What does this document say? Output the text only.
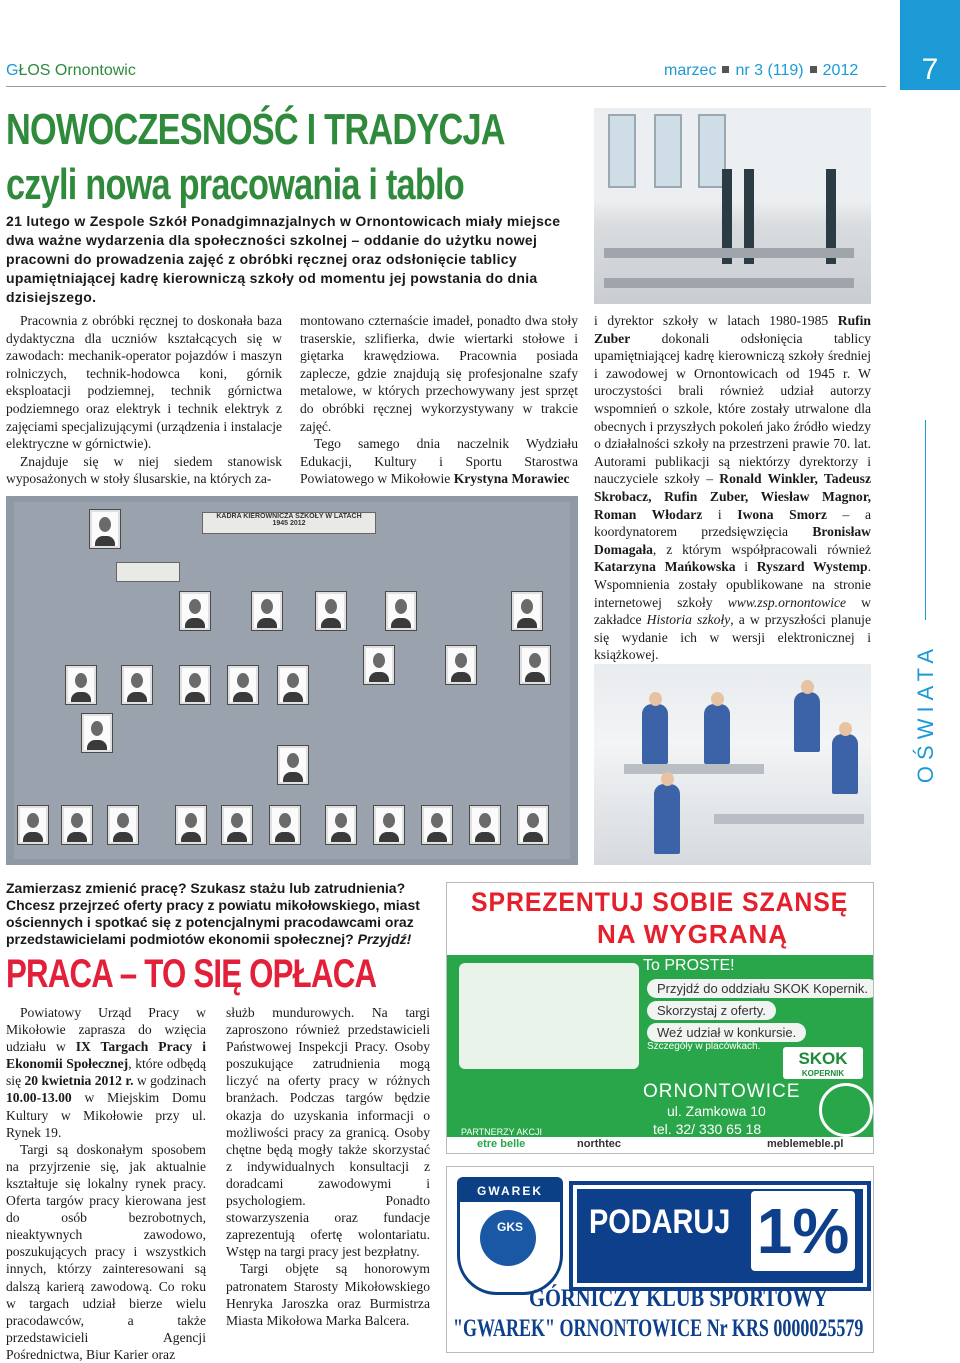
GŁOS Ornontowic	marzec nr 3 (119) 2012	7
NOWOCZESNOŚĆ I TRADYCJA
czyli nowa pracowania i tablo
21 lutego w Zespole Szkół Ponadgimnazjalnych w Ornontowicach miały miejsce dwa ważne wydarzenia dla społeczności szkolnej – oddanie do użytku nowej pracowni do prowadzenia zajęć z obróbki ręcznej oraz odsłonięcie tablicy upamiętniającej kadrę kierowniczą szkoły od momentu jej powstania do dnia dzisiejszego.

Pracownia z obróbki ręcznej to doskonała baza dydaktyczna dla uczniów kształcących się w zawodach: mechanik-operator pojazdów i maszyn rolniczych, technik-hodowca koni, górnik eksploatacji podziemnej, technik górnictwa podziemnego oraz elektryk i technik elektryk z zajęciami specjalizującymi (urządzenia i instalacje elektryczne w górnictwie).

Znajduje się w niej siedem stanowisk wyposażonych w stoły ślusarskie, na których za-

montowano czternaście imadeł, ponadto dwa stoły traserskie, szlifierka, dwie wiertarki stołowe i giętarka krawędziowa. Pracownia posiada zaplecze, gdzie znajdują się profesjonalne szafy metalowe, w których przechowywany jest sprzęt do obróbki ręcznej wykorzystywany w trakcie zajęć.

Tego samego dnia naczelnik Wydziału Edukacji, Kultury i Sportu Starostwa Powiatowego w Mikołowie Krystyna Morawiec

i dyrektor szkoły w latach 1980-1985 Rufin Zuber dokonali odsłonięcia tablicy upamiętniającej kadrę kierowniczą szkoły średniej i zawodowej w Ornontowicach od 1945 r. W uroczystości brali również udział autorzy wspomnień o szkole, które zostały utrwalone dla obecnych i przyszłych pokoleń jako źródło wiedzy o działalności szkoły na przestrzeni prawie 70. lat. Autorami publikacji są niektórzy dyrektorzy i nauczyciele szkoły – Ronald Winkler, Tadeusz Skrobacz, Rufin Zuber, Wiesław Magnor, Roman Włodarz i Iwona Smorz – a koordynatorem przedsięwzięcia Bronisław Domagała, z którym współpracowali również Katarzyna Mańkowska i Ryszard Wystemp. Wspomnienia zostały opublikowane na stronie internetowej szkoły www.zsp.ornontowice w zakładce Historia szkoły, a w przyszłości planuje się wydanie ich w wersji elektronicznej i książkowej.

KADRA KIEROWNICZA SZKOŁY W LATACH
1945 2012
OŚWIATA
Zamierzasz zmienić pracę? Szukasz stażu lub zatrudnienia?
Chcesz przejrzeć oferty pracy z powiatu mikołowskiego, miast ościennych i spotkać się z potencjalnymi pracodawcami oraz przedstawicielami podmiotów ekonomii społecznej? Przyjdź!
PRACA – TO SIĘ OPŁACA

Powiatowy Urząd Pracy w Mikołowie zaprasza do wzięcia udziału w IX Targach Pracy i Ekonomii Społecznej, które odbędą się 20 kwietnia 2012 r. w godzinach 10.00-13.00 w Miejskim Domu Kultury w Mikołowie przy ul. Rynek 19.

Targi są doskonałym sposobem na przyjrzenie się, jak aktualnie kształtuje się lokalny rynek pracy. Oferta targów pracy kierowana jest do osób bezrobotnych, nieaktywnych zawodowo, poszukujących pracy i wszystkich innych, którzy zainteresowani są dalszą karierą zawodową. Co roku w targach udział bierze wielu pracodawców, a także przedstawicieli Agencji Pośrednictwa, Biur Karier oraz

służb mundurowych. Na targi zaproszono również przedstawicieli Państwowej Inspekcji Pracy. Osoby poszukujące zatrudnienia mogą liczyć na oferty pracy w różnych branżach. Podczas targów będzie okazja do uzyskania informacji o możliwości pracy za granicą. Osoby chętne będą mogły także skorzystać z indywidualnych konsultacji z doradcami zawodowymi i psychologiem. Ponadto stowarzyszenia oraz fundacje zaprezentują ofertę wolontariatu. Wstęp na targi pracy jest bezpłatny.

Targi objęte są honorowym patronatem Starosty Mikołowskiego Henryka Jaroszka oraz Burmistrza Miasta Mikołowa Marka Balcera.

SPREZENTUJ SOBIE SZANSĘ
NA WYGRANĄ
To PROSTE!
Przyjdź do oddziału SKOK Kopernik.
Skorzystaj z oferty.
Weź udział w konkursie.
Szczegóły w placówkach.
SKOK
KOPERNIK
ORNONTOWICE
ul. Zamkowa 10
tel. 32/ 330 65 18
PARTNERZY AKCJI
etre belle	northtec	meblemeble.pl
GWAREK
GKS	PODARUJ 1%
GÓRNICZY KLUB SPORTOWY
"GWAREK" ORNONTOWICE Nr KRS 0000025579
